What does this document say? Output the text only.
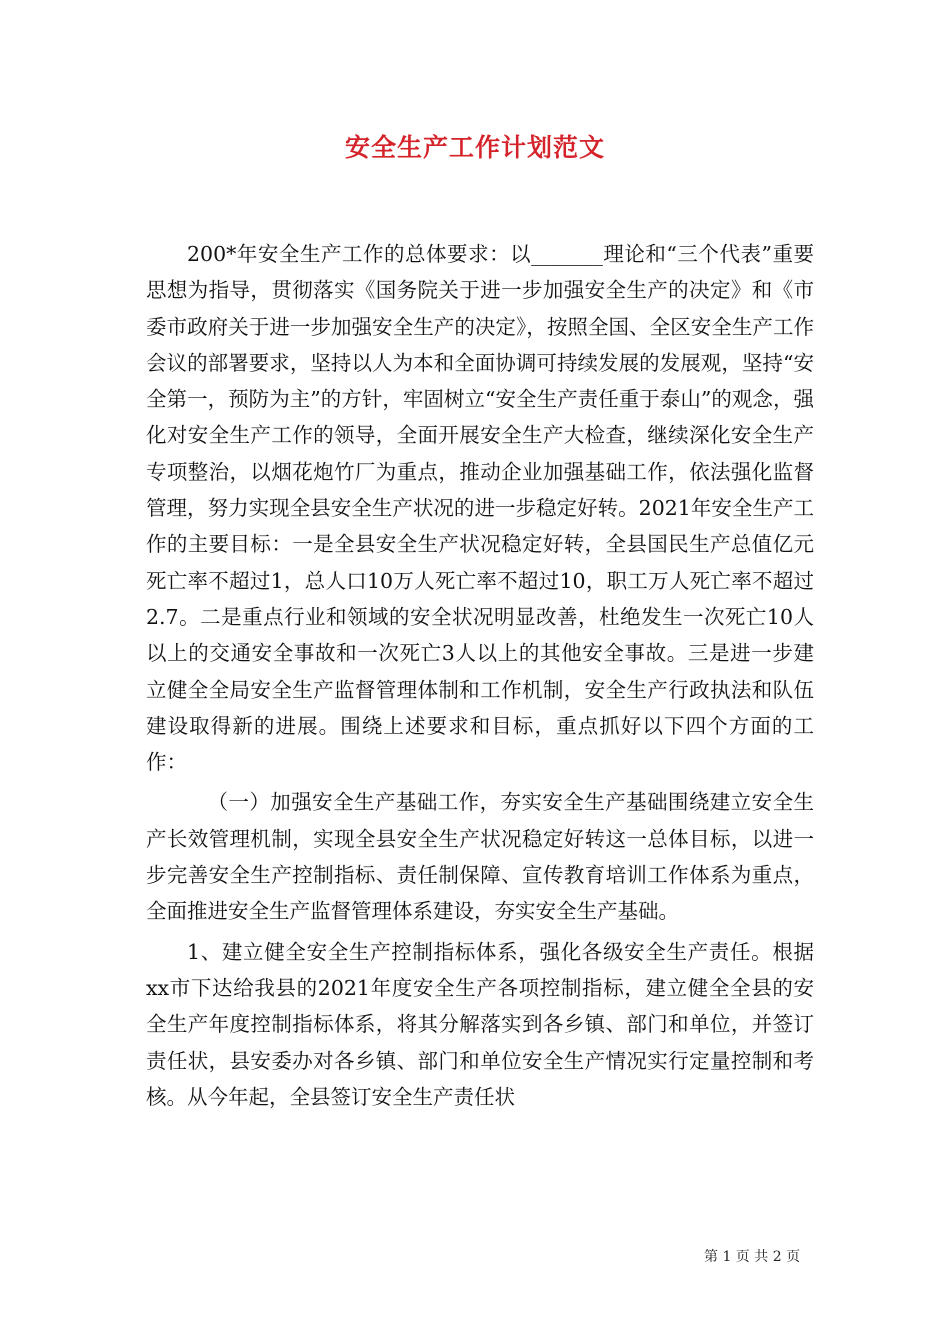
安全生产工作计划范文

200*年安全生产工作的总体要求：以_______理论和“三个代表”重要思想为指导，贯彻落实《国务院关于进一步加强安全生产的决定》和《市委市政府关于进一步加强安全生产的决定》，按照全国、全区安全生产工作会议的部署要求，坚持以人为本和全面协调可持续发展的发展观，坚持“安全第一，预防为主”的方针，牢固树立“安全生产责任重于泰山”的观念，强化对安全生产工作的领导，全面开展安全生产大检查，继续深化安全生产专项整治，以烟花炮竹厂为重点，推动企业加强基础工作，依法强化监督管理，努力实现全县安全生产状况的进一步稳定好转。2021年安全生产工作的主要目标：一是全县安全生产状况稳定好转，全县国民生产总值亿元死亡率不超过1，总人口10万人死亡率不超过10，职工万人死亡率不超过2.7。二是重点行业和领域的安全状况明显改善，杜绝发生一次死亡10人以上的交通安全事故和一次死亡3人以上的其他安全事故。三是进一步建立健全全局安全生产监督管理体制和工作机制，安全生产行政执法和队伍建设取得新的进展。围绕上述要求和目标，重点抓好以下四个方面的工作：

（一）加强安全生产基础工作，夯实安全生产基础围绕建立安全生产长效管理机制，实现全县安全生产状况稳定好转这一总体目标，以进一步完善安全生产控制指标、责任制保障、宣传教育培训工作体系为重点，全面推进安全生产监督管理体系建设，夯实安全生产基础。

1、建立健全安全生产控制指标体系，强化各级安全生产责任。根据xx市下达给我县的2021年度安全生产各项控制指标，建立健全全县的安全生产年度控制指标体系，将其分解落实到各乡镇、部门和单位，并签订责任状，县安委办对各乡镇、部门和单位安全生产情况实行定量控制和考核。从今年起，全县签订安全生产责任状

第 1 页 共 2 页
